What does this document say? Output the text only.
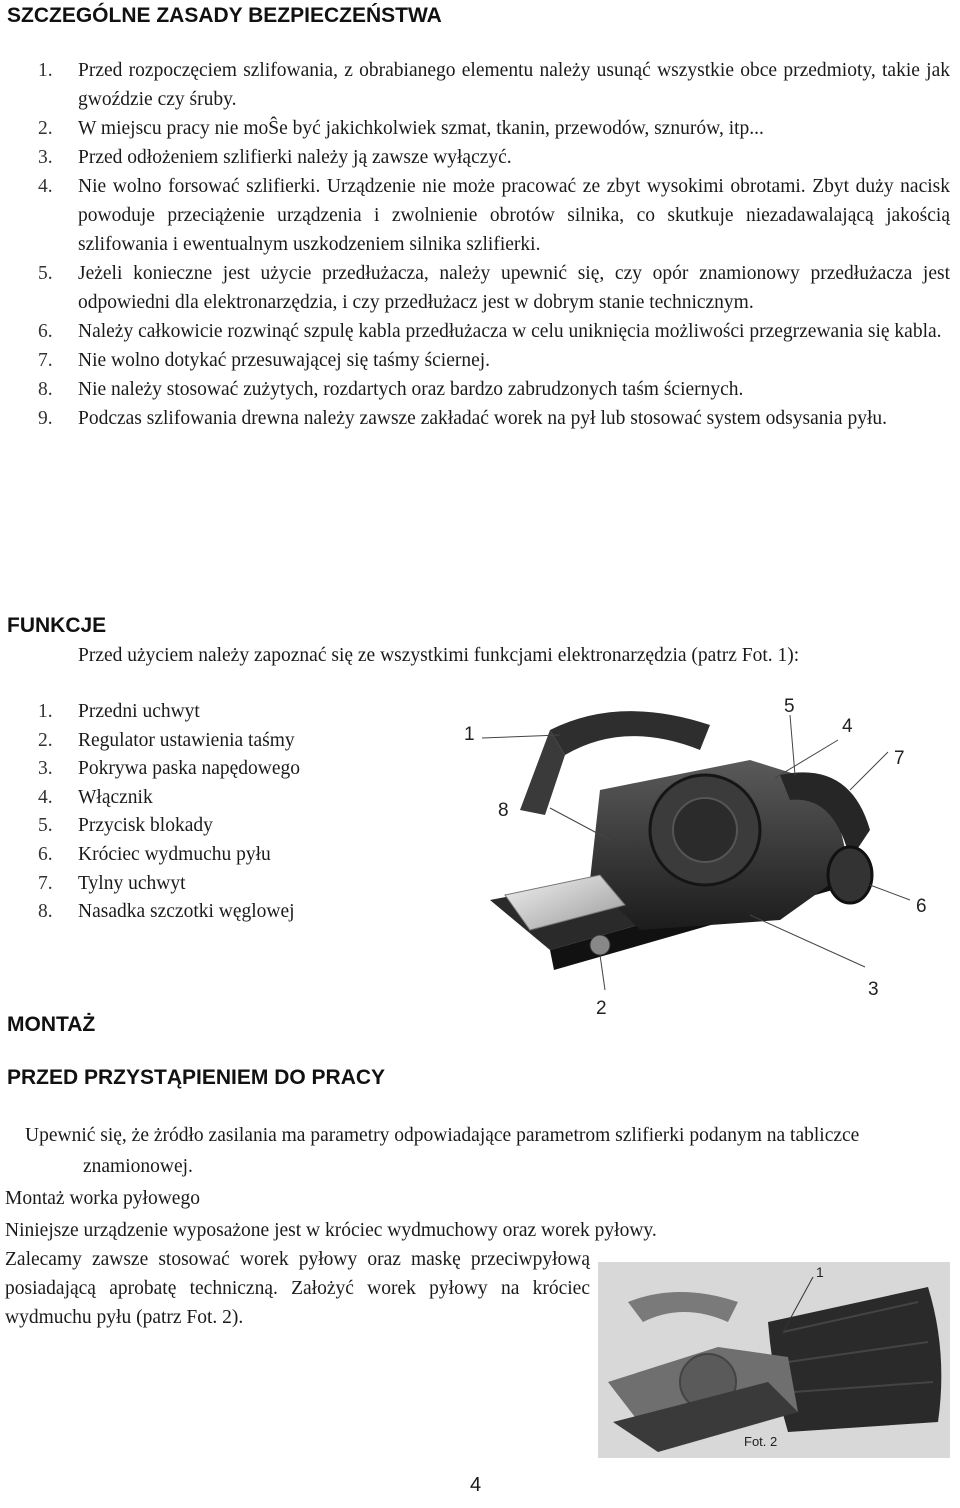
SZCZEGÓLNE ZASADY BEZPIECZEŃSTWA
1.	Przed rozpoczęciem szlifowania, z obrabianego elementu należy usunąć wszystkie obce przedmioty, takie jak gwoździe czy śruby.
2.	W miejscu pracy nie moŜe być jakichkolwiek szmat, tkanin, przewodów, sznurów, itp...
3.	Przed odłożeniem szlifierki należy ją zawsze wyłączyć.
4.	Nie wolno forsować szlifierki. Urządzenie nie może pracować ze zbyt wysokimi obrotami. Zbyt duży nacisk powoduje przeciążenie urządzenia i zwolnienie obrotów silnika, co skutkuje niezadawalającą jakością szlifowania i ewentualnym uszkodzeniem silnika szlifierki.
5.	Jeżeli konieczne jest użycie przedłużacza, należy upewnić się, czy opór znamionowy przedłużacza jest odpowiedni dla elektronarzędzia, i czy przedłużacz jest w dobrym stanie technicznym.
6.	Należy całkowicie rozwinąć szpulę kabla przedłużacza w celu uniknięcia możliwości przegrzewania się kabla.
7.	Nie wolno dotykać przesuwającej się taśmy ściernej.
8.	Nie należy stosować zużytych, rozdartych oraz bardzo zabrudzonych taśm ściernych.
9.	Podczas szlifowania drewna należy zawsze zakładać worek na pył lub stosować system odsysania pyłu.
FUNKCJE

Przed użyciem należy zapoznać się ze wszystkimi funkcjami elektronarzędzia (patrz Fot. 1):

1.	Przedni uchwyt
2.	Regulator ustawienia taśmy
3.	Pokrywa paska napędowego
4.	Włącznik
5.	Przycisk blokady
6.	Króciec wydmuchu pyłu
7.	Tylny uchwyt
8.	Nasadka szczotki węglowej
1
2
3
4
5
6
7
8
MONTAŻ
PRZED PRZYSTĄPIENIEM DO PRACY

Upewnić się, że żródło zasilania ma parametry odpowiadające parametrom szlifierki podanym na tabliczce znamionowej.

Montaż worka pyłowego

Niniejsze urządzenie wyposażone jest w króciec wydmuchowy oraz worek pyłowy.

Zalecamy zawsze stosować worek pyłowy oraz maskę przeciwpyłową posiadającą aprobatę techniczną. Założyć worek pyłowy na króciec wydmuchu pyłu (patrz Fot. 2).

1
Fot. 2
4
